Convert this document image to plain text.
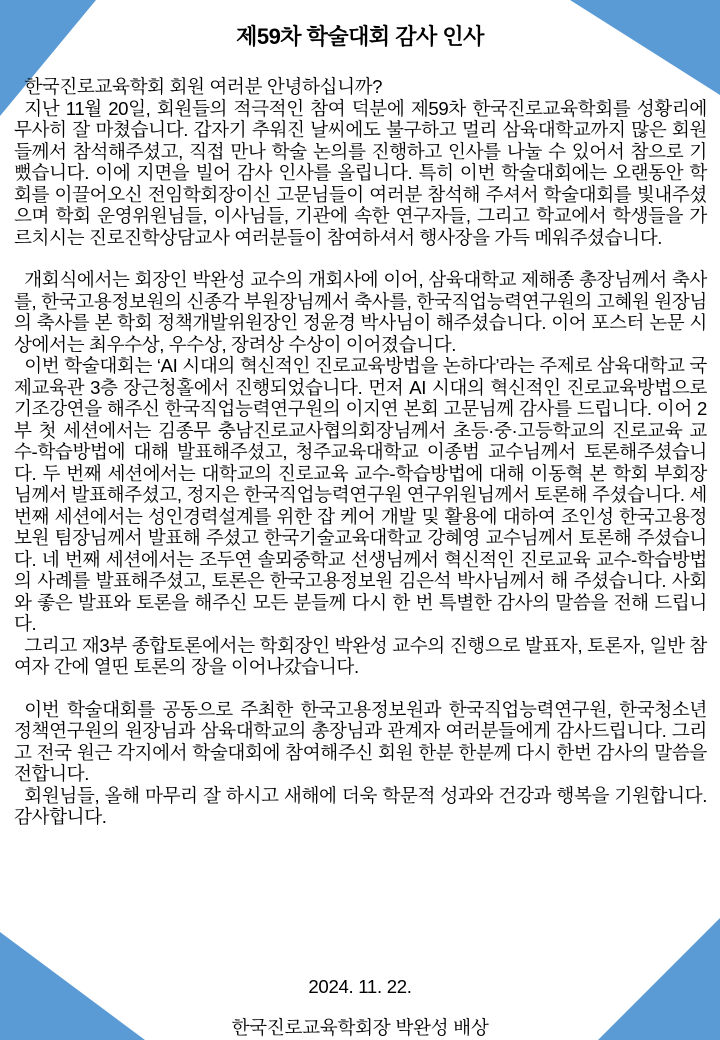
제59차 학술대회 감사 인사

한국진로교육학회 회원 여러분 안녕하십니까?

지난 11월 20일, 회원들의 적극적인 참여 덕분에 제59차 한국진로교육학회를 성황리에 무사히 잘 마쳤습니다. 갑자기 추워진 날씨에도 불구하고 멀리 삼육대학교까지 많은 회원들께서 참석해주셨고, 직접 만나 학술 논의를 진행하고 인사를 나눌 수 있어서 참으로 기뻤습니다. 이에 지면을 빌어 감사 인사를 올립니다. 특히 이번 학술대회에는 오랜동안 학회를 이끌어오신 전임학회장이신 고문님들이 여러분 참석해 주셔서 학술대회를 빛내주셨으며 학회 운영위원님들, 이사님들, 기관에 속한 연구자들, 그리고 학교에서 학생들을 가르치시는 진로진학상담교사 여러분들이 참여하셔서 행사장을 가득 메워주셨습니다.

개회식에서는 회장인 박완성 교수의 개회사에 이어, 삼육대학교 제해종 총장님께서 축사를, 한국고용정보원의 신종각 부원장님께서 축사를, 한국직업능력연구원의 고혜원 원장님의 축사를 본 학회 정책개발위원장인 정윤경 박사님이 해주셨습니다. 이어 포스터 논문 시상에서는 최우수상, 우수상, 장려상 수상이 이어졌습니다.

이번 학술대회는 ‘AI 시대의 혁신적인 진로교육방법을 논하다’라는 주제로 삼육대학교 국제교육관 3층 장근청홀에서 진행되었습니다. 먼저 AI 시대의 혁신적인 진로교육방법으로 기조강연을 해주신 한국직업능력연구원의 이지연 본회 고문님께 감사를 드립니다. 이어 2부 첫 세션에서는 김종무 충남진로교사협의회장님께서 초등·중·고등학교의 진로교육 교수-학습방법에 대해 발표해주셨고, 청주교육대학교 이종범 교수님께서 토론해주셨습니다. 두 번째 세션에서는 대학교의 진로교육 교수-학습방법에 대해 이동혁 본 학회 부회장님께서 발표해주셨고, 정지은 한국직업능력연구원 연구위원님께서 토론해 주셨습니다. 세 번째 세션에서는 성인경력설계를 위한 잡 케어 개발 및 활용에 대하여 조인성 한국고용정보원 팀장님께서 발표해 주셨고 한국기술교육대학교 강혜영 교수님께서 토론해 주셨습니다. 네 번째 세션에서는 조두연 솔뫼중학교 선생님께서 혁신적인 진로교육 교수-학습방법의 사례를 발표해주셨고, 토론은 한국고용정보원 김은석 박사님께서 해 주셨습니다. 사회와 좋은 발표와 토론을 해주신 모든 분들께 다시 한 번 특별한 감사의 말씀을 전해 드립니다.

그리고 재3부 종합토론에서는 학회장인 박완성 교수의 진행으로 발표자, 토론자, 일반 참여자 간에 열띤 토론의 장을 이어나갔습니다.

이번 학술대회를 공동으로 주최한 한국고용정보원과 한국직업능력연구원, 한국청소년정책연구원의 원장님과 삼육대학교의 총장님과 관계자 여러분들에게 감사드립니다. 그리고 전국 원근 각지에서 학술대회에 참여해주신 회원 한분 한분께 다시 한번 감사의 말씀을 전합니다.

회원님들, 올해 마무리 잘 하시고 새해에 더욱 학문적 성과와 건강과 행복을 기원합니다. 감사합니다.

2024. 11. 22.
한국진로교육학회장 박완성 배상
